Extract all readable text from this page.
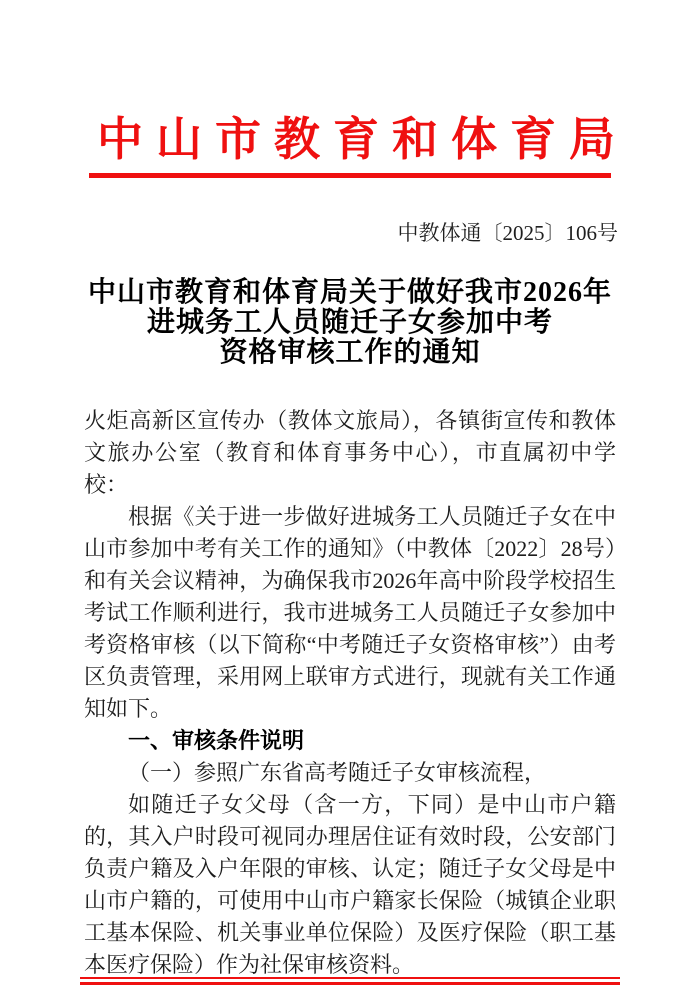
中山市教育和体育局
中教体通〔2025〕106号
中山市教育和体育局关于做好我市2026年
进城务工人员随迁子女参加中考
资格审核工作的通知

火炬高新区宣传办（教体文旅局），各镇街宣传和教体文旅办公室（教育和体育事务中心），市直属初中学校：

根据《关于进一步做好进城务工人员随迁子女在中山市参加中考有关工作的通知》（中教体〔2022〕28号）和有关会议精神，为确保我市2026年高中阶段学校招生考试工作顺利进行，我市进城务工人员随迁子女参加中考资格审核（以下简称“中考随迁子女资格审核”）由考区负责管理，采用网上联审方式进行，现就有关工作通知如下。

一、审核条件说明

（一）参照广东省高考随迁子女审核流程，

如随迁子女父母（含一方，下同）是中山市户籍的，其入户时段可视同办理居住证有效时段，公安部门负责户籍及入户年限的审核、认定；随迁子女父母是中山市户籍的，可使用中山市户籍家长保险（城镇企业职工基本保险、机关事业单位保险）及医疗保险（职工基本医疗保险）作为社保审核资料。
